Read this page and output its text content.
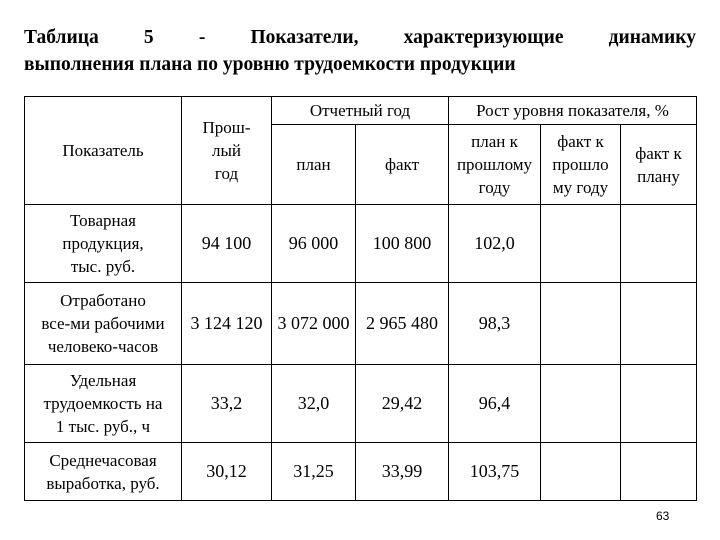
Таблица 5 - Показатели, характеризующие динамику
выполнения плана по уровню трудоемкости продукции
Показатель	Прош-
лый
год	Отчетный год		Рост уровня показателя, %		
		план	факт	план к
прошлому
году	факт к
прошло
му году	факт к
плану
Товарная
продукция,
тыс. руб.	94 100	96 000	100 800	102,0		
Отработано
все-ми рабочими
человеко-часов	3 124 120	3 072 000	2 965 480	98,3		
Удельная
трудоемкость на
1 тыс. руб., ч	33,2	32,0	29,42	96,4		
Среднечасовая
выработка, руб.	30,12	31,25	33,99	103,75		
63
